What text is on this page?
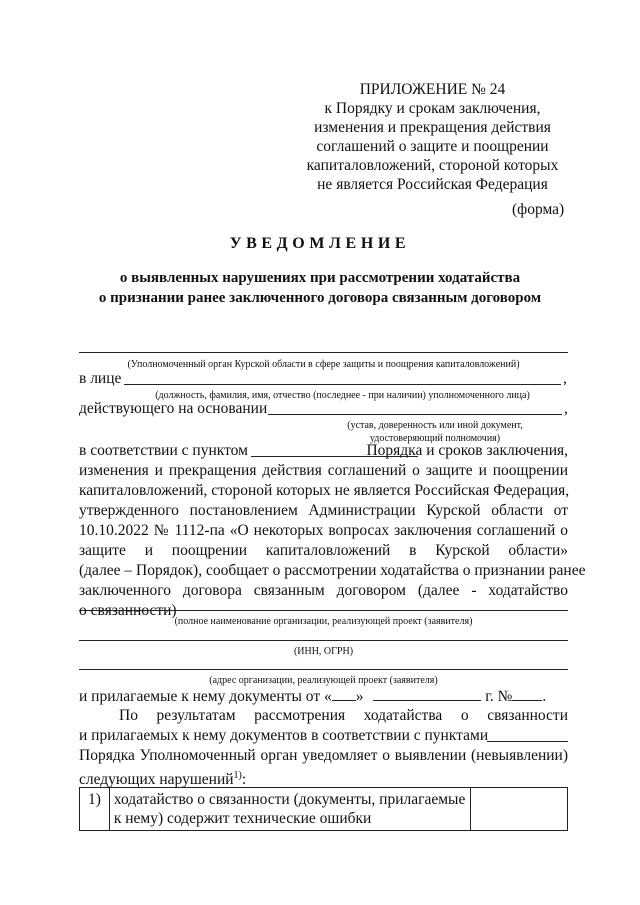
ПРИЛОЖЕНИЕ № 24
к Порядку и срокам заключения,
изменения и прекращения действия
соглашений о защите и поощрении
капиталовложений, стороной которых
не является Российская Федерация
(форма)
УВЕДОМЛЕНИЕ
о выявленных нарушениях при рассмотрении ходатайства
о признании ранее заключенного договора связанным договором
(Уполномоченный орган Курской области в сфере защиты и поощрения капиталовложений)
в лице	,
(должность, фамилия, имя, отчество (последнее - при наличии) уполномоченного лица)
действующего на основании	,
(устав, доверенность или иной документ,
удостоверяющий полномочия)
в соответствии с пунктом	Порядка и сроков заключения,
изменения и прекращения действия соглашений о защите и поощрении
капиталовложений, стороной которых не является Российская Федерация,
утвержденного постановлением Администрации Курской области от
10.10.2022 № 1112-па «О некоторых вопросах заключения соглашений о
защите и поощрении капиталовложений в Курской области»
(далее – Порядок), сообщает о рассмотрении ходатайства о признании ранее
заключенного договора связанным договором (далее - ходатайство
о связанности)
(полное наименование организации, реализующей проект (заявителя)
(ИНН, ОГРН)
(адрес организации, реализующей проект (заявителя)
и прилагаемые к нему документы от « »	г. № .
По результатам рассмотрения ходатайства о связанности
и прилагаемых к нему документов в соответствии с пунктами
Порядка Уполномоченный орган уведомляет о выявлении (невыявлении)
следующих нарушений$^{1)}$:
1)	ходатайство о связанности (документы, прилагаемые
к нему) содержит технические ошибки
